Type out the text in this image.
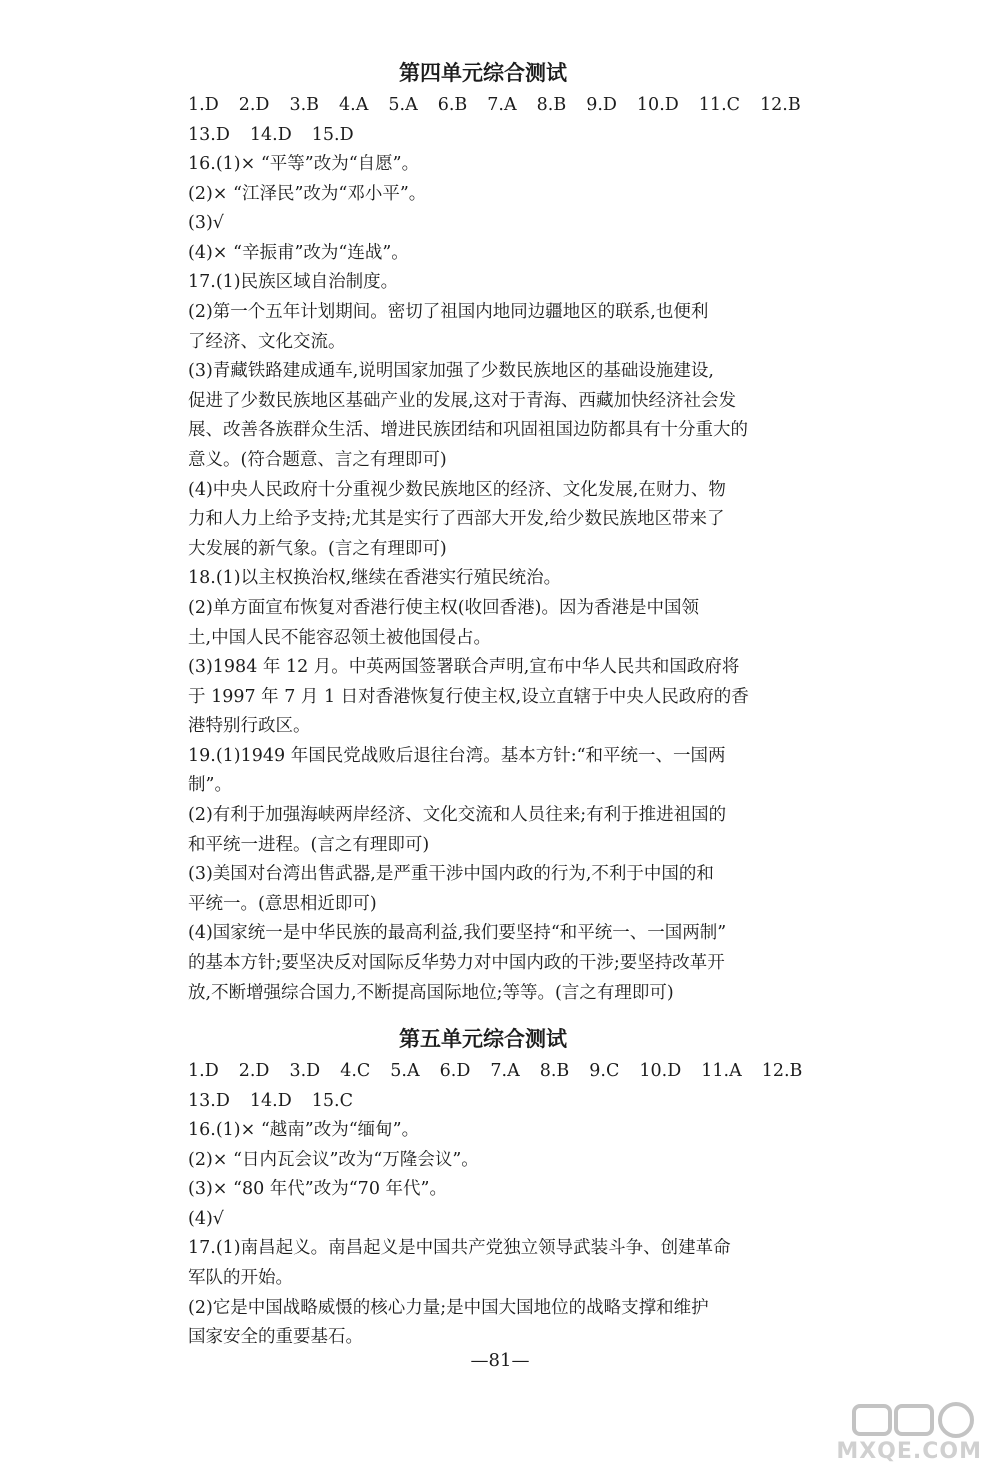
第四单元综合测试
1.D 2.D 3.B 4.A 5.A 6.B 7.A 8.B 9.D 10.D 11.C 12.B
13.D 14.D 15.D
16.(1)× “平等”改为“自愿”。
(2)× “江泽民”改为“邓小平”。
(3)√
(4)× “辛振甫”改为“连战”。
17.(1)民族区域自治制度。
(2)第一个五年计划期间。密切了祖国内地同边疆地区的联系,也便利
了经济、文化交流。
(3)青藏铁路建成通车,说明国家加强了少数民族地区的基础设施建设,
促进了少数民族地区基础产业的发展,这对于青海、西藏加快经济社会发
展、改善各族群众生活、增进民族团结和巩固祖国边防都具有十分重大的
意义。(符合题意、言之有理即可)
(4)中央人民政府十分重视少数民族地区的经济、文化发展,在财力、物
力和人力上给予支持;尤其是实行了西部大开发,给少数民族地区带来了
大发展的新气象。(言之有理即可)
18.(1)以主权换治权,继续在香港实行殖民统治。
(2)单方面宣布恢复对香港行使主权(收回香港)。因为香港是中国领
土,中国人民不能容忍领土被他国侵占。
(3)1984 年 12 月。中英两国签署联合声明,宣布中华人民共和国政府将
于 1997 年 7 月 1 日对香港恢复行使主权,设立直辖于中央人民政府的香
港特别行政区。
19.(1)1949 年国民党战败后退往台湾。基本方针:“和平统一、一国两
制”。
(2)有利于加强海峡两岸经济、文化交流和人员往来;有利于推进祖国的
和平统一进程。(言之有理即可)
(3)美国对台湾出售武器,是严重干涉中国内政的行为,不利于中国的和
平统一。(意思相近即可)
(4)国家统一是中华民族的最高利益,我们要坚持“和平统一、一国两制”
的基本方针;要坚决反对国际反华势力对中国内政的干涉;要坚持改革开
放,不断增强综合国力,不断提高国际地位;等等。(言之有理即可)
第五单元综合测试
1.D 2.D 3.D 4.C 5.A 6.D 7.A 8.B 9.C 10.D 11.A 12.B
13.D 14.D 15.C
16.(1)× “越南”改为“缅甸”。
(2)× “日内瓦会议”改为“万隆会议”。
(3)× “80 年代”改为“70 年代”。
(4)√
17.(1)南昌起义。南昌起义是中国共产党独立领导武装斗争、创建革命
军队的开始。
(2)它是中国战略威慑的核心力量;是中国大国地位的战略支撑和维护
国家安全的重要基石。
—81—
MXQE.COM
